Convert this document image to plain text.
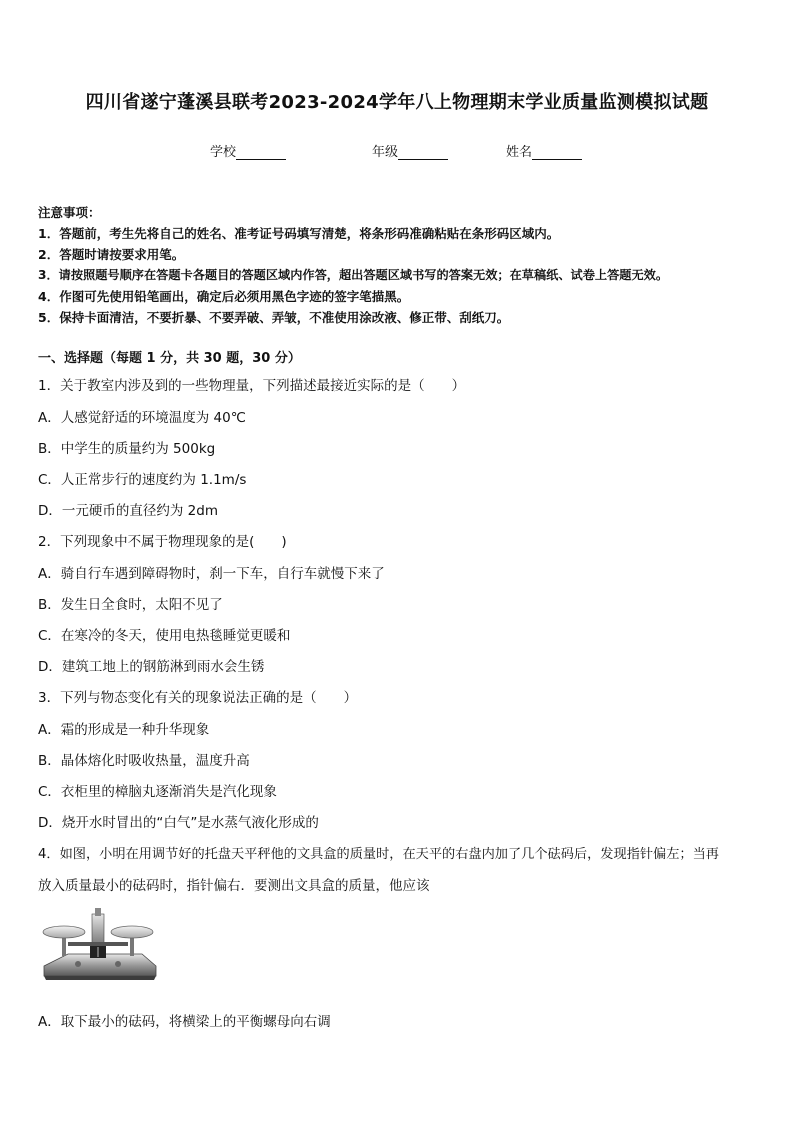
四川省遂宁蓬溪县联考2023-2024学年八上物理期末学业质量监测模拟试题
学校	年级	姓名
注意事项：
1．答题前，考生先将自己的姓名、准考证号码填写清楚，将条形码准确粘贴在条形码区域内。
2．答题时请按要求用笔。
3．请按照题号顺序在答题卡各题目的答题区域内作答，超出答题区域书写的答案无效；在草稿纸、试卷上答题无效。
4．作图可先使用铅笔画出，确定后必须用黑色字迹的签字笔描黑。
5．保持卡面清洁，不要折暴、不要弄破、弄皱，不准使用涂改液、修正带、刮纸刀。
一、选择题（每题 1 分，共 30 题，30 分）
1．关于教室内涉及到的一些物理量，下列描述最接近实际的是（　　）
A．人感觉舒适的环境温度为 40℃
B．中学生的质量约为 500kg
C．人正常步行的速度约为 1.1m/s
D．一元硬币的直径约为 2dm
2．下列现象中不属于物理现象的是(　　)
A．骑自行车遇到障碍物时，刹一下车，自行车就慢下来了
B．发生日全食时，太阳不见了
C．在寒冷的冬天，使用电热毯睡觉更暖和
D．建筑工地上的钢筋淋到雨水会生锈
3．下列与物态变化有关的现象说法正确的是（　　）
A．霜的形成是一种升华现象
B．晶体熔化时吸收热量，温度升高
C．衣柜里的樟脑丸逐渐消失是汽化现象
D．烧开水时冒出的“白气”是水蒸气液化形成的
4．如图，小明在用调节好的托盘天平秤他的文具盒的质量时，在天平的右盘内加了几个砝码后，发现指针偏左；当再
放入质量最小的砝码时，指针偏右．要测出文具盒的质量，他应该
A．取下最小的砝码，将横梁上的平衡螺母向右调
